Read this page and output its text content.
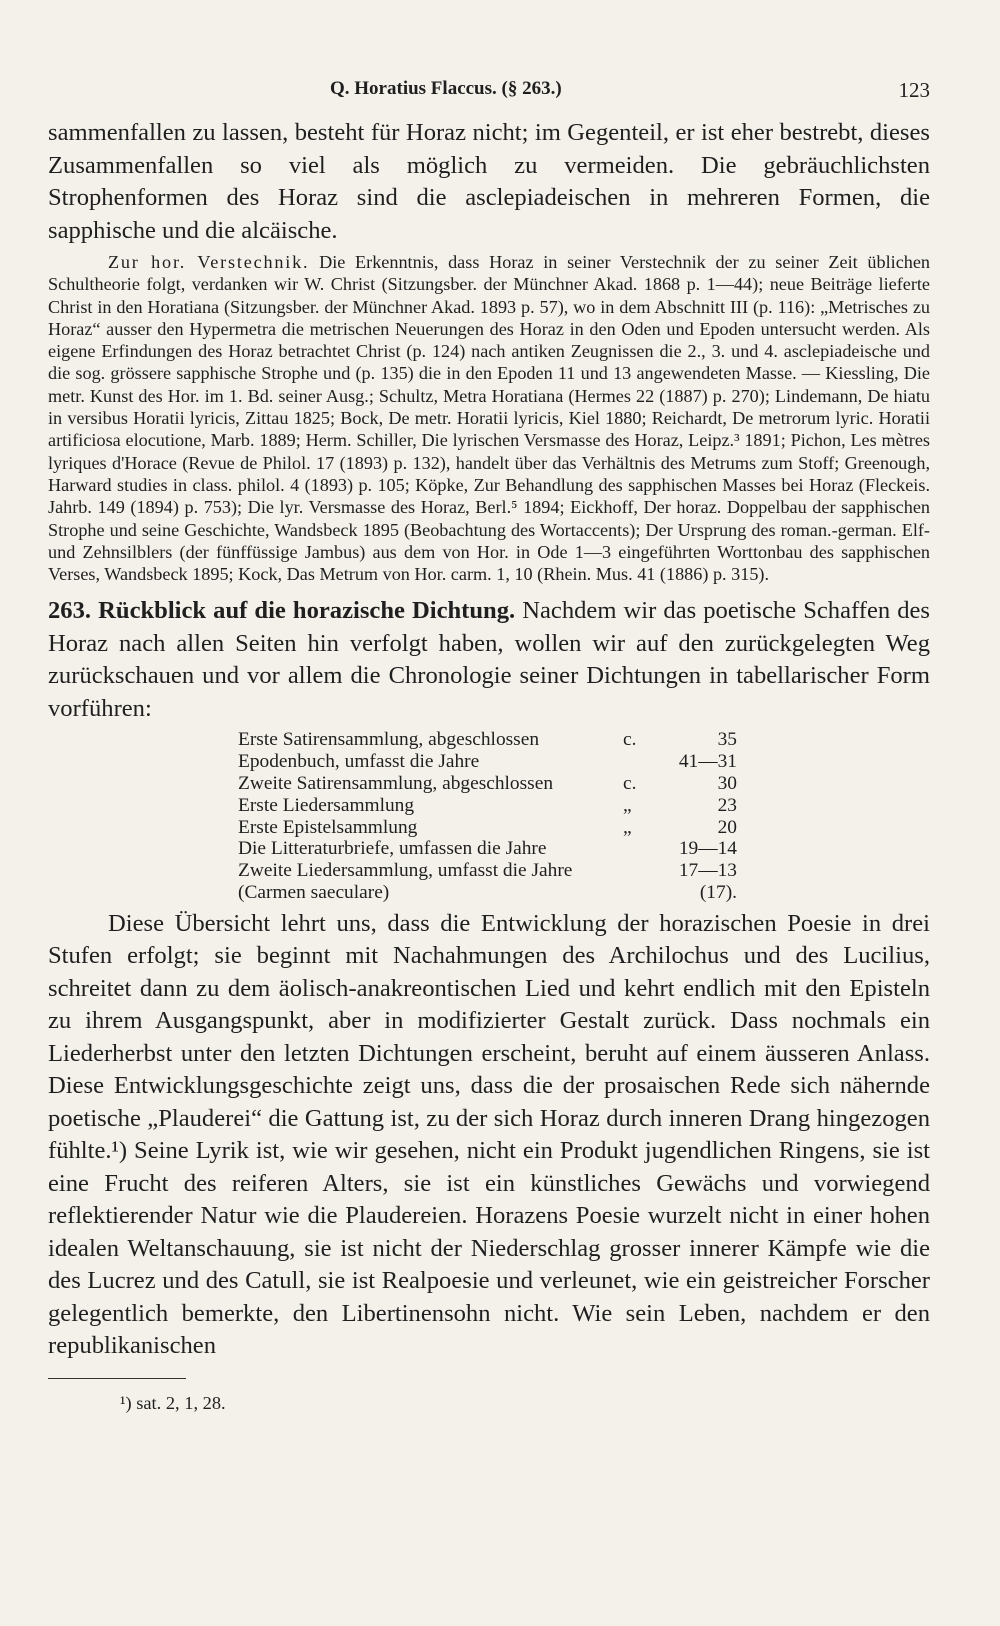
Q. Horatius Flaccus. (§ 263.)	123

sammenfallen zu lassen, besteht für Horaz nicht; im Gegenteil, er ist eher bestrebt, dieses Zusammenfallen so viel als möglich zu vermeiden. Die gebräuchlichsten Strophenformen des Horaz sind die asclepiadeischen in mehreren Formen, die sapphische und die alcäische.

Zur hor. Verstechnik. Die Erkenntnis, dass Horaz in seiner Verstechnik der zu seiner Zeit üblichen Schultheorie folgt, verdanken wir W. Christ (Sitzungsber. der Münchner Akad. 1868 p. 1—44); neue Beiträge lieferte Christ in den Horatiana (Sitzungsber. der Münchner Akad. 1893 p. 57), wo in dem Abschnitt III (p. 116): „Metrisches zu Horaz“ ausser den Hypermetra die metrischen Neuerungen des Horaz in den Oden und Epoden untersucht werden. Als eigene Erfindungen des Horaz betrachtet Christ (p. 124) nach antiken Zeugnissen die 2., 3. und 4. asclepiadeische und die sog. grössere sapphische Strophe und (p. 135) die in den Epoden 11 und 13 angewendeten Masse. — Kiessling, Die metr. Kunst des Hor. im 1. Bd. seiner Ausg.; Schultz, Metra Horatiana (Hermes 22 (1887) p. 270); Lindemann, De hiatu in versibus Horatii lyricis, Zittau 1825; Bock, De metr. Horatii lyricis, Kiel 1880; Reichardt, De metrorum lyric. Horatii artificiosa elocutione, Marb. 1889; Herm. Schiller, Die lyrischen Versmasse des Horaz, Leipz.³ 1891; Pichon, Les mètres lyriques d'Horace (Revue de Philol. 17 (1893) p. 132), handelt über das Verhältnis des Metrums zum Stoff; Greenough, Harward studies in class. philol. 4 (1893) p. 105; Köpke, Zur Behandlung des sapphischen Masses bei Horaz (Fleckeis. Jahrb. 149 (1894) p. 753); Die lyr. Versmasse des Horaz, Berl.⁵ 1894; Eickhoff, Der horaz. Doppelbau der sapphischen Strophe und seine Geschichte, Wandsbeck 1895 (Beobachtung des Wortaccents); Der Ursprung des roman.-german. Elf- und Zehnsilblers (der fünffüssige Jambus) aus dem von Hor. in Ode 1—3 eingeführten Worttonbau des sapphischen Verses, Wandsbeck 1895; Kock, Das Metrum von Hor. carm. 1, 10 (Rhein. Mus. 41 (1886) p. 315).

263. Rückblick auf die horazische Dichtung. Nachdem wir das poetische Schaffen des Horaz nach allen Seiten hin verfolgt haben, wollen wir auf den zurückgelegten Weg zurückschauen und vor allem die Chronologie seiner Dichtungen in tabellarischer Form vorführen:

Erste Satirensammlung, abgeschlossen	c.	35
Epodenbuch, umfasst die Jahre		41—31
Zweite Satirensammlung, abgeschlossen	c.	30
Erste Liedersammlung	„	23
Erste Epistelsammlung	„	20
Die Litteraturbriefe, umfassen die Jahre		19—14
Zweite Liedersammlung, umfasst die Jahre		17—13
(Carmen saeculare)		(17).

Diese Übersicht lehrt uns, dass die Entwicklung der horazischen Poesie in drei Stufen erfolgt; sie beginnt mit Nachahmungen des Archilochus und des Lucilius, schreitet dann zu dem äolisch-anakreontischen Lied und kehrt endlich mit den Episteln zu ihrem Ausgangspunkt, aber in modifizierter Gestalt zurück. Dass nochmals ein Liederherbst unter den letzten Dichtungen erscheint, beruht auf einem äusseren Anlass. Diese Entwicklungsgeschichte zeigt uns, dass die der prosaischen Rede sich nähernde poetische „Plauderei“ die Gattung ist, zu der sich Horaz durch inneren Drang hingezogen fühlte.¹) Seine Lyrik ist, wie wir gesehen, nicht ein Produkt jugendlichen Ringens, sie ist eine Frucht des reiferen Alters, sie ist ein künstliches Gewächs und vorwiegend reflektierender Natur wie die Plaudereien. Horazens Poesie wurzelt nicht in einer hohen idealen Weltanschauung, sie ist nicht der Niederschlag grosser innerer Kämpfe wie die des Lucrez und des Catull, sie ist Realpoesie und verleunet, wie ein geistreicher Forscher gelegentlich bemerkte, den Libertinensohn nicht. Wie sein Leben, nachdem er den republikanischen

¹) sat. 2, 1, 28.
